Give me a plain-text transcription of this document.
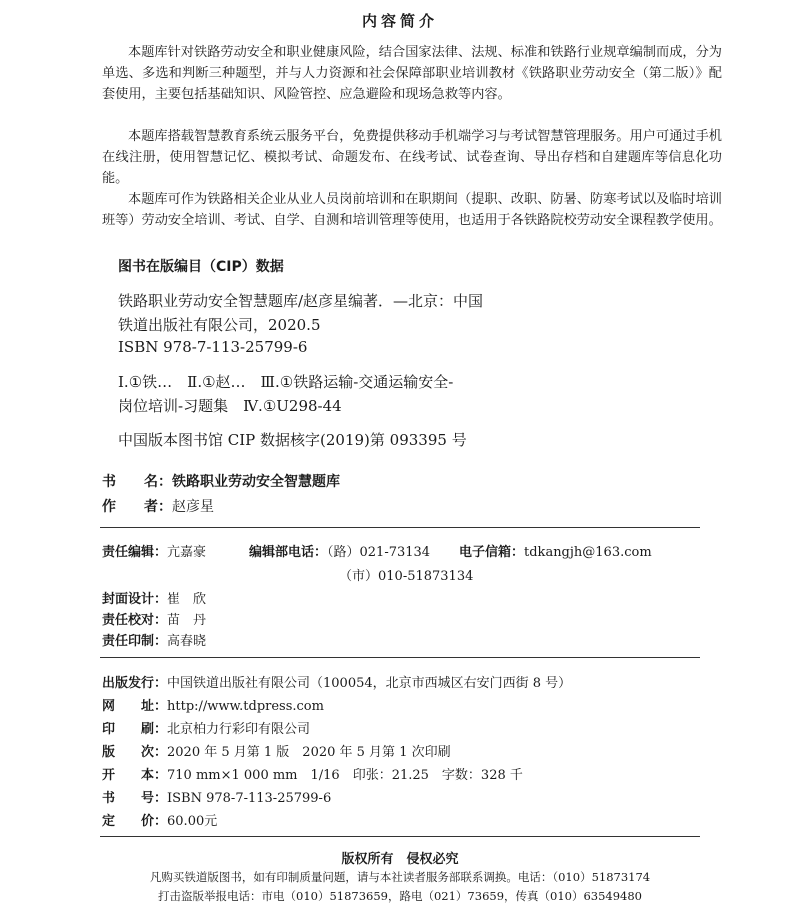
内容简介
本题库针对铁路劳动安全和职业健康风险，结合国家法律、法规、标准和铁路行业规章编制而成，分为单选、多选和判断三种题型，并与人力资源和社会保障部职业培训教材《铁路职业劳动安全（第二版）》配套使用，主要包括基础知识、风险管控、应急避险和现场急救等内容。
本题库搭载智慧教育系统云服务平台，免费提供移动手机端学习与考试智慧管理服务。用户可通过手机在线注册，使用智慧记忆、模拟考试、命题发布、在线考试、试卷查询、导出存档和自建题库等信息化功能。
本题库可作为铁路相关企业从业人员岗前培训和在职期间（提职、改职、防暑、防寒考试以及临时培训班等）劳动安全培训、考试、自学、自测和培训管理等使用，也适用于各铁路院校劳动安全课程教学使用。
图书在版编目（CIP）数据
铁路职业劳动安全智慧题库/赵彦星编著．—北京：中国
铁道出版社有限公司，2020.5
ISBN 978-7-113-25799-6
Ⅰ.①铁…　Ⅱ.①赵…　Ⅲ.①铁路运输-交通运输安全-
岗位培训-习题集　Ⅳ.①U298-44
中国版本图书馆 CIP 数据核字(2019)第 093395 号
书　　名：铁路职业劳动安全智慧题库
作　　者：赵彦星
责任编辑：亢嘉豪	编辑部电话：（路）021-73134 电子信箱：tdkangjh@163.com
（市）010-51873134
封面设计：崔　欣
责任校对：苗　丹
责任印制：高春晓
出版发行：中国铁道出版社有限公司（100054，北京市西城区右安门西街 8 号）
网　　址：http://www.tdpress.com
印　　刷：北京柏力行彩印有限公司
版　　次：2020 年 5 月第 1 版　2020 年 5 月第 1 次印刷
开　　本：710 mm×1 000 mm　1/16　印张：21.25　字数：328 千
书　　号：ISBN 978-7-113-25799-6
定　　价：60.00元
版权所有　侵权必究
凡购买铁道版图书，如有印制质量问题，请与本社读者服务部联系调换。电话：（010）51873174
打击盗版举报电话：市电（010）51873659，路电（021）73659，传真（010）63549480
